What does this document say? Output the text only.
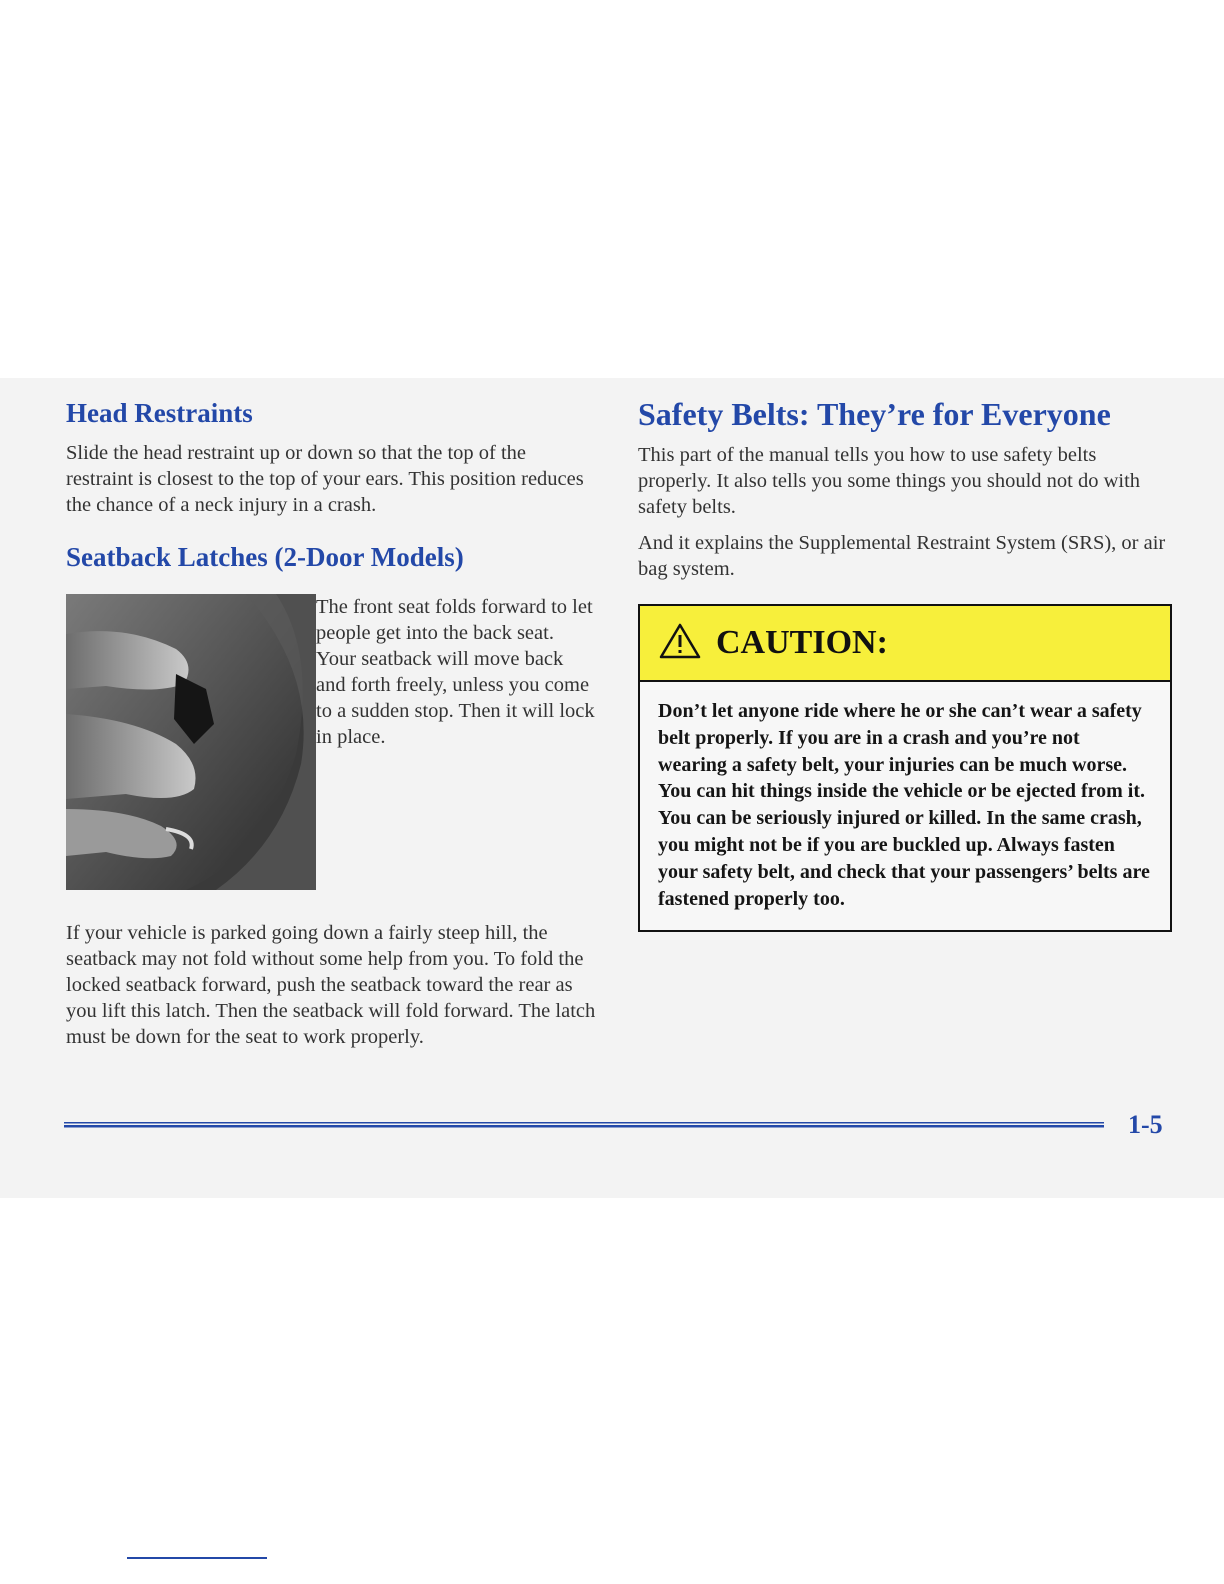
Head Restraints

Slide the head restraint up or down so that the top of the restraint is closest to the top of your ears. This position reduces the chance of a neck injury in a crash.

Seatback Latches (2-Door Models)

The front seat folds forward to let people get into the back seat. Your seatback will move back and forth freely, unless you come to a sudden stop. Then it will lock in place.

If your vehicle is parked going down a fairly steep hill, the seatback may not fold without some help from you. To fold the locked seatback forward, push the seatback toward the rear as you lift this latch. Then the seatback will fold forward. The latch must be down for the seat to work properly.

Safety Belts: They’re for Everyone

This part of the manual tells you how to use safety belts properly. It also tells you some things you should not do with safety belts.

And it explains the Supplemental Restraint System (SRS), or air bag system.

CAUTION:
Don’t let anyone ride where he or she can’t wear a safety belt properly. If you are in a crash and you’re not wearing a safety belt, your injuries can be much worse. You can hit things inside the vehicle or be ejected from it. You can be seriously injured or killed. In the same crash, you might not be if you are buckled up. Always fasten your safety belt, and check that your passengers’ belts are fastened properly too.
1-5
